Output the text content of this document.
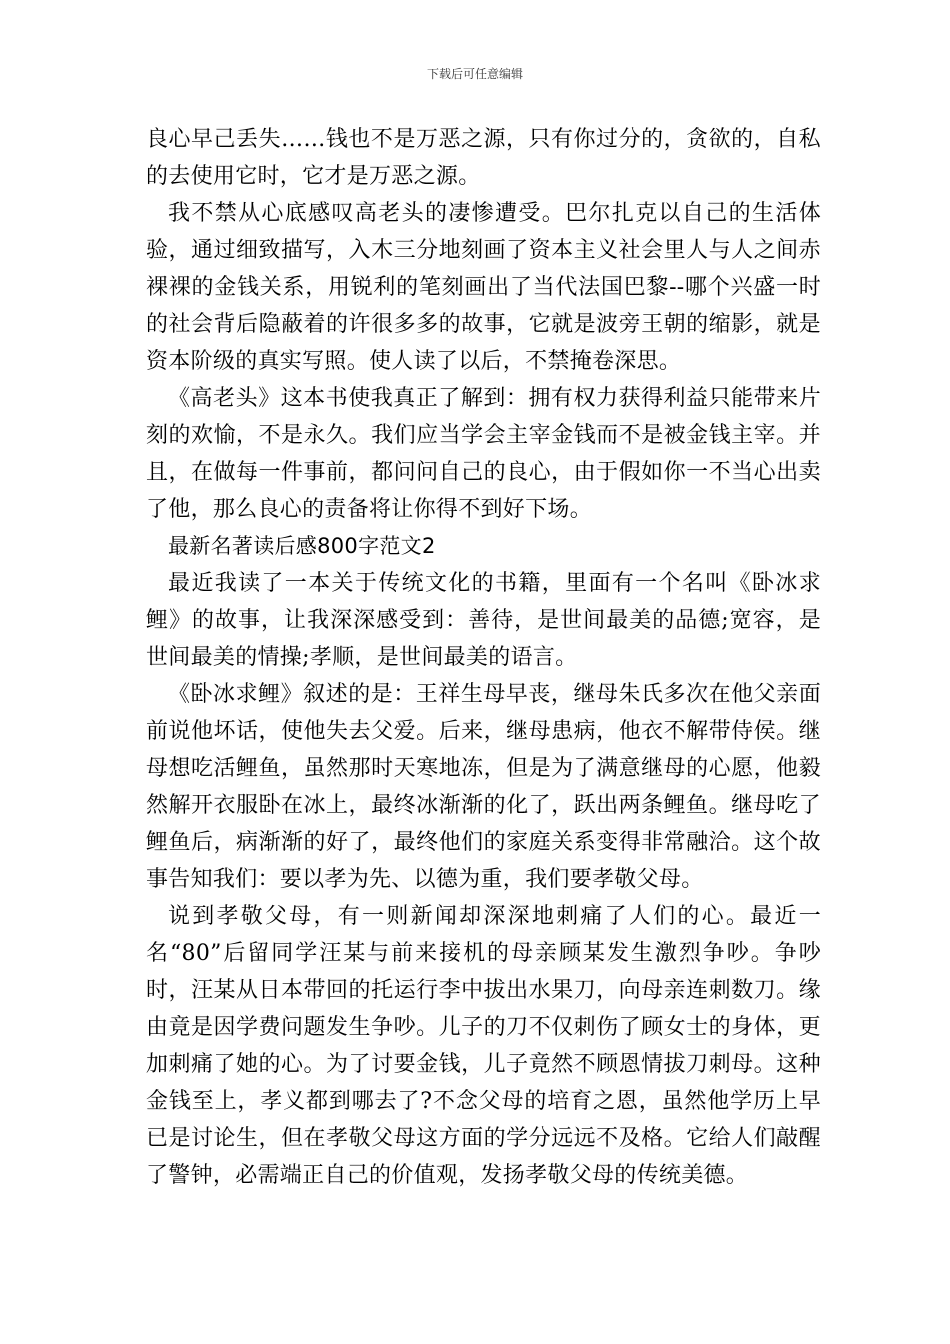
下载后可任意编辑

良心早己丢失……钱也不是万恶之源，只有你过分的，贪欲的，自私的去使用它时，它才是万恶之源。

我不禁从心底感叹高老头的凄惨遭受。巴尔扎克以自己的生活体验，通过细致描写，入木三分地刻画了资本主义社会里人与人之间赤裸裸的金钱关系，用锐利的笔刻画出了当代法国巴黎--哪个兴盛一时的社会背后隐蔽着的许很多多的故事，它就是波旁王朝的缩影，就是资本阶级的真实写照。使人读了以后，不禁掩卷深思。

《高老头》这本书使我真正了解到：拥有权力获得利益只能带来片刻的欢愉，不是永久。我们应当学会主宰金钱而不是被金钱主宰。并且，在做每一件事前，都问问自己的良心，由于假如你一不当心出卖了他，那么良心的责备将让你得不到好下场。

最新名著读后感800字范文2

最近我读了一本关于传统文化的书籍，里面有一个名叫《卧冰求鲤》的故事，让我深深感受到：善待，是世间最美的品德;宽容，是世间最美的情操;孝顺，是世间最美的语言。

《卧冰求鲤》叙述的是：王祥生母早丧，继母朱氏多次在他父亲面前说他坏话，使他失去父爱。后来，继母患病，他衣不解带侍侯。继母想吃活鲤鱼，虽然那时天寒地冻，但是为了满意继母的心愿，他毅然解开衣服卧在冰上，最终冰渐渐的化了，跃出两条鲤鱼。继母吃了鲤鱼后，病渐渐的好了，最终他们的家庭关系变得非常融洽。这个故事告知我们：要以孝为先、以德为重，我们要孝敬父母。

说到孝敬父母，有一则新闻却深深地刺痛了人们的心。最近一名“80”后留同学汪某与前来接机的母亲顾某发生激烈争吵。争吵时，汪某从日本带回的托运行李中拔出水果刀，向母亲连刺数刀。缘由竟是因学费问题发生争吵。儿子的刀不仅刺伤了顾女士的身体，更加刺痛了她的心。为了讨要金钱，儿子竟然不顾恩情拔刀刺母。这种金钱至上，孝义都到哪去了?不念父母的培育之恩，虽然他学历上早已是讨论生，但在孝敬父母这方面的学分远远不及格。它给人们敲醒了警钟，必需端正自己的价值观，发扬孝敬父母的传统美德。
